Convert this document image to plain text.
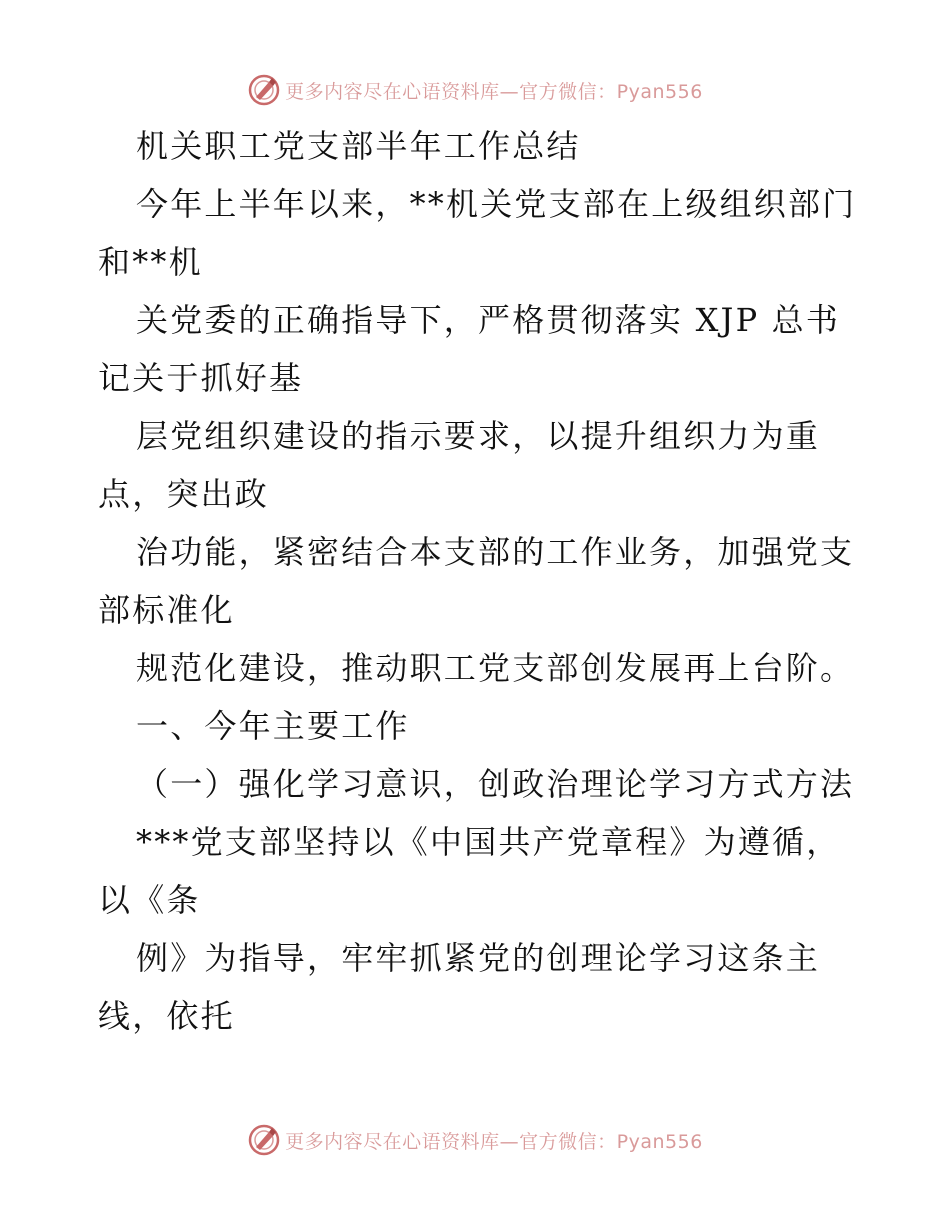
更多内容尽在心语资料库—官方微信：Pyan556
机关职工党支部半年工作总结
今年上半年以来，**机关党支部在上级组织部门
和**机
关党委的正确指导下，严格贯彻落实 XJP 总书
记关于抓好基
层党组织建设的指示要求，以提升组织力为重
点，突出政
治功能，紧密结合本支部的工作业务，加强党支
部标准化
规范化建设，推动职工党支部创发展再上台阶。
一、今年主要工作
（一）强化学习意识，创政治理论学习方式方法
***党支部坚持以《中国共产党章程》为遵循，
以《条
例》为指导，牢牢抓紧党的创理论学习这条主
线，依托
更多内容尽在心语资料库—官方微信：Pyan556
